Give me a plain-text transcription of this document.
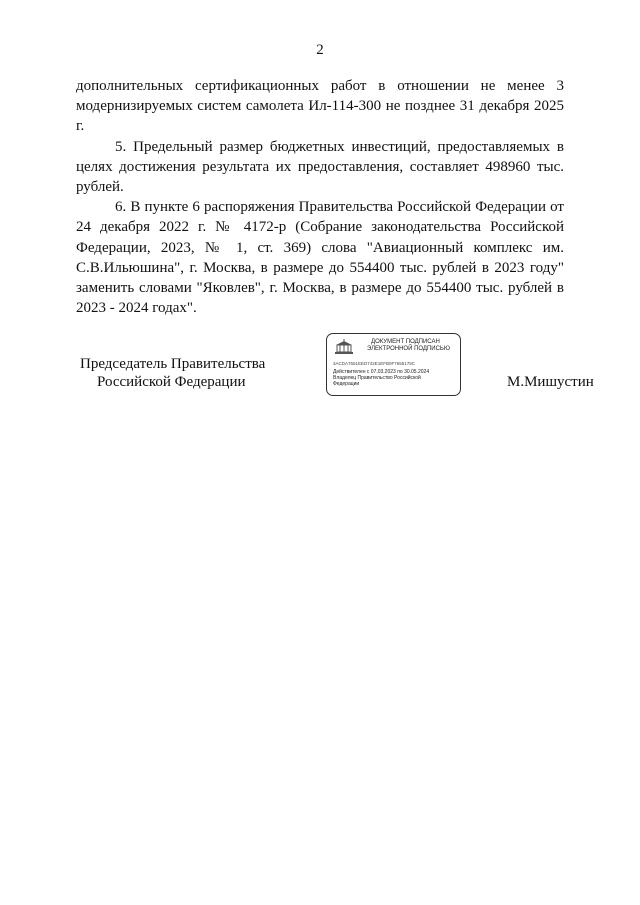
2

дополнительных сертификационных работ в отношении не менее 3 модернизируемых систем самолета Ил-114-300 не позднее 31 декабря 2025 г.

5. Предельный размер бюджетных инвестиций, предоставляемых в целях достижения результата их предоставления, составляет 498960 тыс. рублей.

6. В пункте 6 распоряжения Правительства Российской Федерации от 24 декабря 2022 г. № 4172-р (Собрание законодательства Российской Федерации, 2023, № 1, ст. 369) слова "Авиационный комплекс им. С.В.Ильюшина", г. Москва, в размере до 554400 тыс. рублей в 2023 году" заменить словами "Яковлев", г. Москва, в размере до 554400 тыс. рублей в 2023 - 2024 годах".

Председатель Правительства
Российской Федерации
ДОКУМЕНТ ПОДПИСАН
ЭЛЕКТРОННОЙ ПОДПИСЬЮ
3ACDA7651EED742E1EFB0F7655178C
Действителен с 07.03.2023 по 30.05.2024
Владелец Правительство Российской
Федерации	М.Мишустин
